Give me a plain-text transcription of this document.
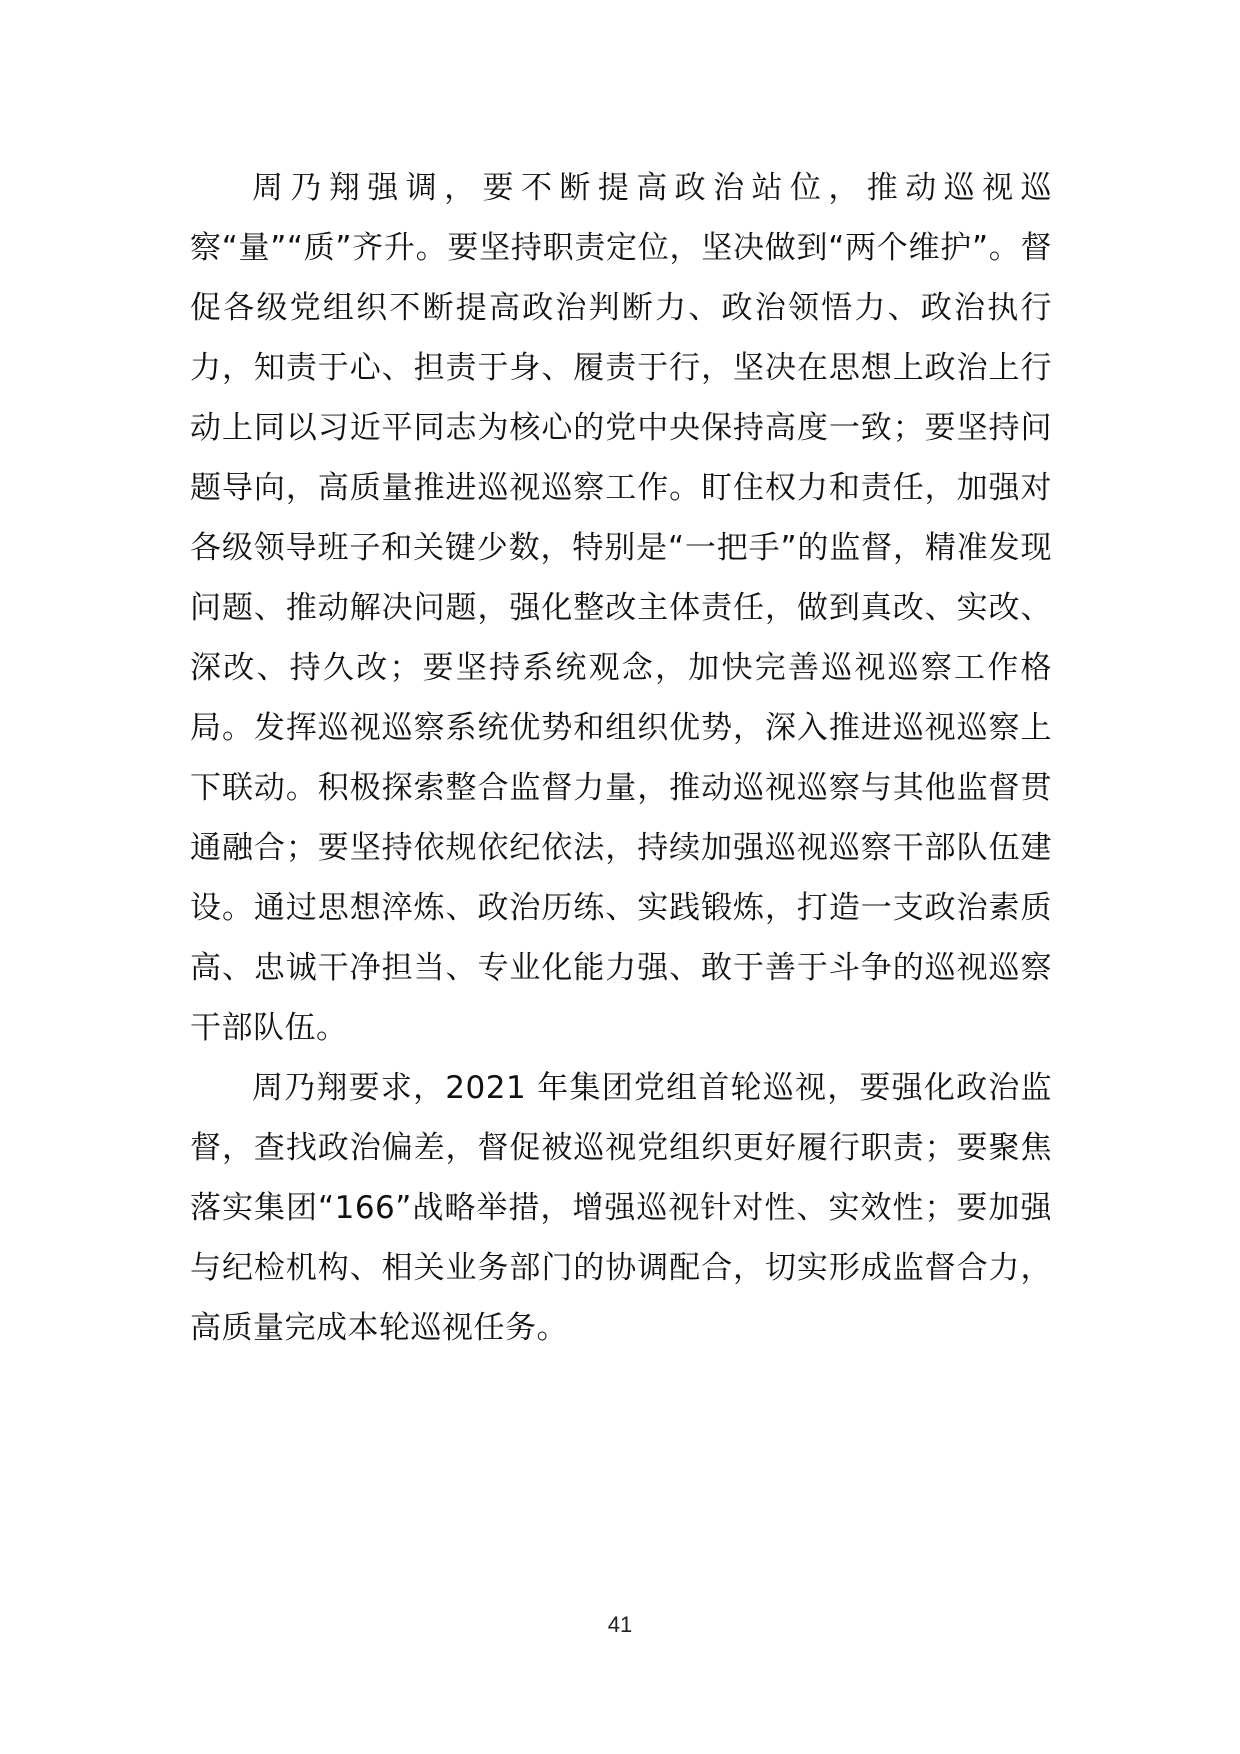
周乃翔强调，要不断提高政治站位，推动巡视巡察“量”“质”齐升。要坚持职责定位，坚决做到“两个维护”。督促各级党组织不断提高政治判断力、政治领悟力、政治执行力，知责于心、担责于身、履责于行，坚决在思想上政治上行动上同以习近平同志为核心的党中央保持高度一致；要坚持问题导向，高质量推进巡视巡察工作。盯住权力和责任，加强对各级领导班子和关键少数，特别是“一把手”的监督，精准发现问题、推动解决问题，强化整改主体责任，做到真改、实改、深改、持久改；要坚持系统观念，加快完善巡视巡察工作格局。发挥巡视巡察系统优势和组织优势，深入推进巡视巡察上下联动。积极探索整合监督力量，推动巡视巡察与其他监督贯通融合；要坚持依规依纪依法，持续加强巡视巡察干部队伍建设。通过思想淬炼、政治历练、实践锻炼，打造一支政治素质高、忠诚干净担当、专业化能力强、敢于善于斗争的巡视巡察干部队伍。

周乃翔要求，2021 年集团党组首轮巡视，要强化政治监督，查找政治偏差，督促被巡视党组织更好履行职责；要聚焦落实集团“166”战略举措，增强巡视针对性、实效性；要加强与纪检机构、相关业务部门的协调配合，切实形成监督合力，高质量完成本轮巡视任务。

41
